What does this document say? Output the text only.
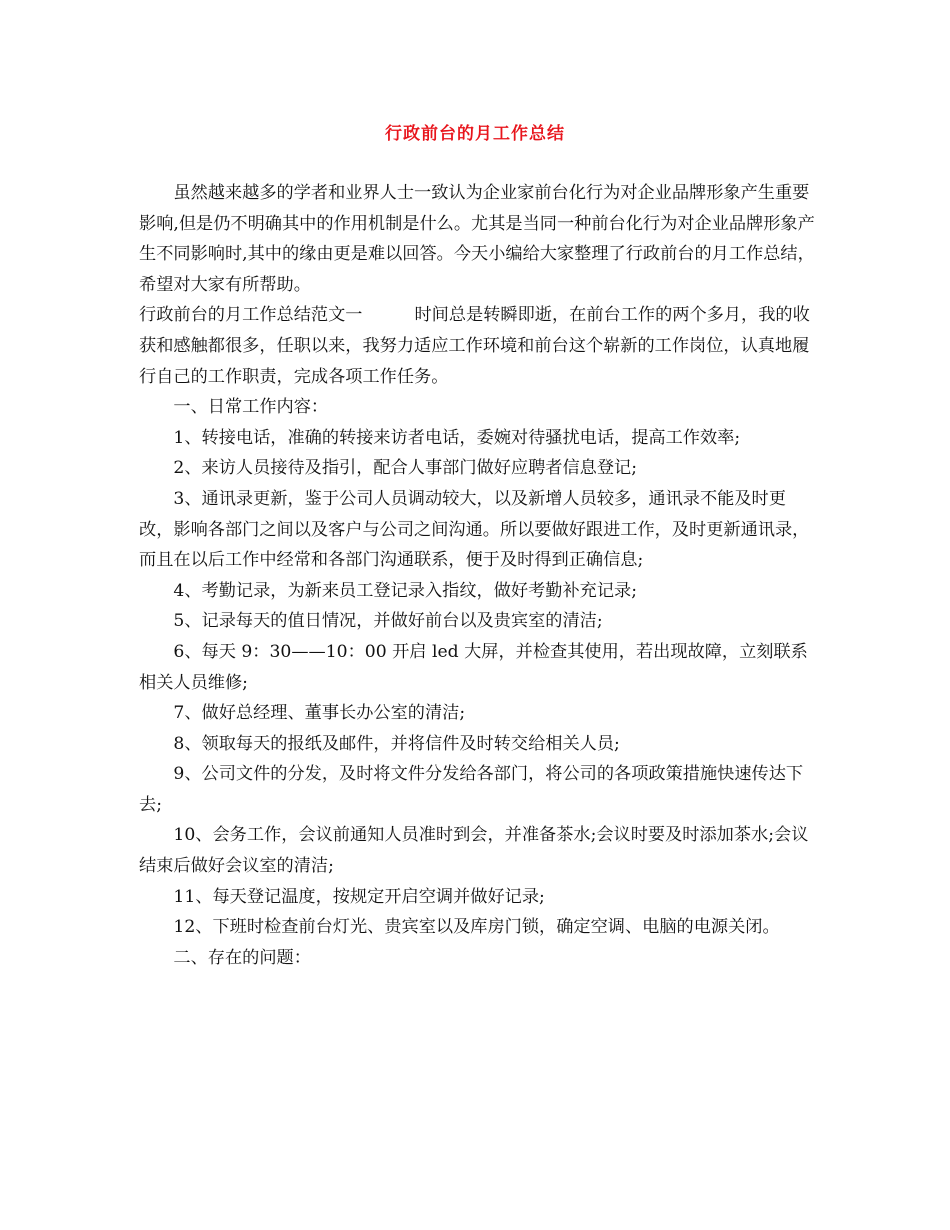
行政前台的月工作总结

虽然越来越多的学者和业界人士一致认为企业家前台化行为对企业品牌形象产生重要影响,但是仍不明确其中的作用机制是什么。尤其是当同一种前台化行为对企业品牌形象产生不同影响时,其中的缘由更是难以回答。今天小编给大家整理了行政前台的月工作总结，希望对大家有所帮助。

行政前台的月工作总结范文一	时间总是转瞬即逝，在前台工作的两个多月，我的收获和感触都很多，任职以来，我努力适应工作环境和前台这个崭新的工作岗位，认真地履行自己的工作职责，完成各项工作任务。

一、日常工作内容：

1、转接电话，准确的转接来访者电话，委婉对待骚扰电话，提高工作效率;

2、来访人员接待及指引，配合人事部门做好应聘者信息登记;

3、通讯录更新，鉴于公司人员调动较大，以及新增人员较多，通讯录不能及时更改，影响各部门之间以及客户与公司之间沟通。所以要做好跟进工作，及时更新通讯录，而且在以后工作中经常和各部门沟通联系，便于及时得到正确信息;

4、考勤记录，为新来员工登记录入指纹，做好考勤补充记录;

5、记录每天的值日情况，并做好前台以及贵宾室的清洁;

6、每天 9：30——10：00 开启 led 大屏，并检查其使用，若出现故障，立刻联系相关人员维修;

7、做好总经理、董事长办公室的清洁;

8、领取每天的报纸及邮件，并将信件及时转交给相关人员;

9、公司文件的分发，及时将文件分发给各部门，将公司的各项政策措施快速传达下去;

10、会务工作，会议前通知人员准时到会，并准备茶水;会议时要及时添加茶水;会议结束后做好会议室的清洁;

11、每天登记温度，按规定开启空调并做好记录;

12、下班时检查前台灯光、贵宾室以及库房门锁，确定空调、电脑的电源关闭。

二、存在的问题：
